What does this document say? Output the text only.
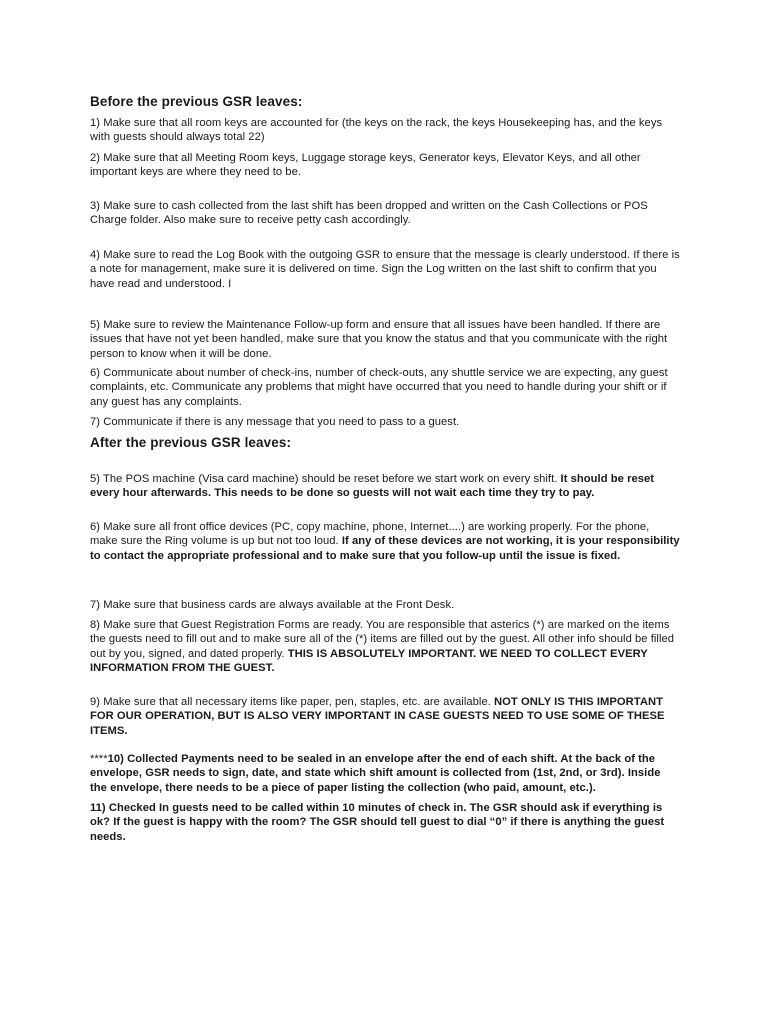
Before the previous GSR leaves:

1) Make sure that all room keys are accounted for (the keys on the rack, the keys Housekeeping has, and the keys with guests should always total 22)

2) Make sure that all Meeting Room keys, Luggage storage keys, Generator keys, Elevator Keys, and all other important keys are where they need to be.

3) Make sure to cash collected from the last shift has been dropped and written on the Cash Collections or POS Charge folder. Also make sure to receive petty cash accordingly.

4) Make sure to read the Log Book with the outgoing GSR to ensure that the message is clearly understood. If there is a note for management, make sure it is delivered on time. Sign the Log written on the last shift to confirm that you have read and understood. I

5) Make sure to review the Maintenance Follow-up form and ensure that all issues have been handled. If there are issues that have not yet been handled, make sure that you know the status and that you communicate with the right person to know when it will be done.

6) Communicate about number of check-ins, number of check-outs, any shuttle service we are expecting, any guest complaints, etc. Communicate any problems that might have occurred that you need to handle during your shift or if any guest has any complaints.

7) Communicate if there is any message that you need to pass to a guest.

After the previous GSR leaves:

5) The POS machine (Visa card machine) should be reset before we start work on every shift. It should be reset every hour afterwards. This needs to be done so guests will not wait each time they try to pay.

6) Make sure all front office devices (PC, copy machine, phone, Internet....) are working properly. For the phone, make sure the Ring volume is up but not too loud. If any of these devices are not working, it is your responsibility to contact the appropriate professional and to make sure that you follow-up until the issue is fixed.

7) Make sure that business cards are always available at the Front Desk.

8) Make sure that Guest Registration Forms are ready. You are responsible that asterics (*) are marked on the items the guests need to fill out and to make sure all of the (*) items are filled out by the guest. All other info should be filled out by you, signed, and dated properly. THIS IS ABSOLUTELY IMPORTANT. WE NEED TO COLLECT EVERY INFORMATION FROM THE GUEST.

9) Make sure that all necessary items like paper, pen, staples, etc. are available. NOT ONLY IS THIS IMPORTANT FOR OUR OPERATION, BUT IS ALSO VERY IMPORTANT IN CASE GUESTS NEED TO USE SOME OF THESE ITEMS.

****10) Collected Payments need to be sealed in an envelope after the end of each shift. At the back of the envelope, GSR needs to sign, date, and state which shift amount is collected from (1st, 2nd, or 3rd). Inside the envelope, there needs to be a piece of paper listing the collection (who paid, amount, etc.).

11) Checked In guests need to be called within 10 minutes of check in. The GSR should ask if everything is ok? If the guest is happy with the room? The GSR should tell guest to dial “0” if there is anything the guest needs.
